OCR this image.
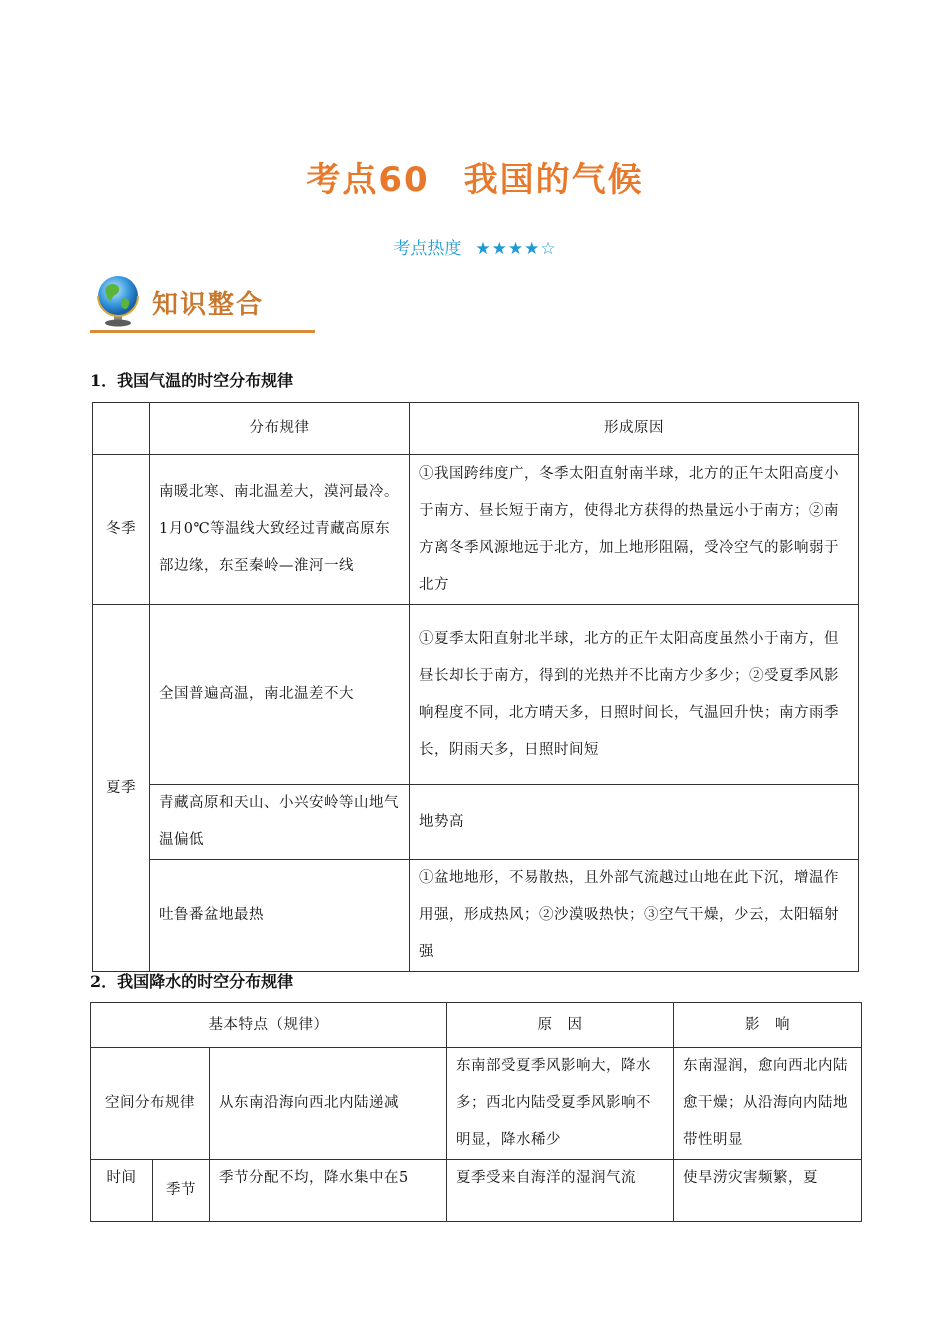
考点60 我国的气候
考点热度 ★★★★☆
知识整合
1．我国气温的时空分布规律
	分布规律	形成原因
冬季	南暖北寒、南北温差大，漠河最冷。1月0℃等温线大致经过青藏高原东部边缘，东至秦岭—淮河一线	①我国跨纬度广，冬季太阳直射南半球，北方的正午太阳高度小于南方、昼长短于南方，使得北方获得的热量远小于南方；②南方离冬季风源地远于北方，加上地形阻隔，受冷空气的影响弱于北方
夏季	全国普遍高温，南北温差不大	①夏季太阳直射北半球，北方的正午太阳高度虽然小于南方，但昼长却长于南方，得到的光热并不比南方少多少；②受夏季风影响程度不同，北方晴天多，日照时间长，气温回升快；南方雨季长，阴雨天多，日照时间短
	青藏高原和天山、小兴安岭等山地气温偏低	地势高
	吐鲁番盆地最热	①盆地地形，不易散热，且外部气流越过山地在此下沉，增温作用强，形成热风；②沙漠吸热快；③空气干燥，少云，太阳辐射强
2．我国降水的时空分布规律
基本特点（规律）			原　因	影　响
空间分布规律		从东南沿海向西北内陆递减	东南部受夏季风影响大，降水多；西北内陆受夏季风影响不明显，降水稀少	东南湿润，愈向西北内陆愈干燥；从沿海向内陆地带性明显
时间	季节	季节分配不均，降水集中在5	夏季受来自海洋的湿润气流	使旱涝灾害频繁，夏
